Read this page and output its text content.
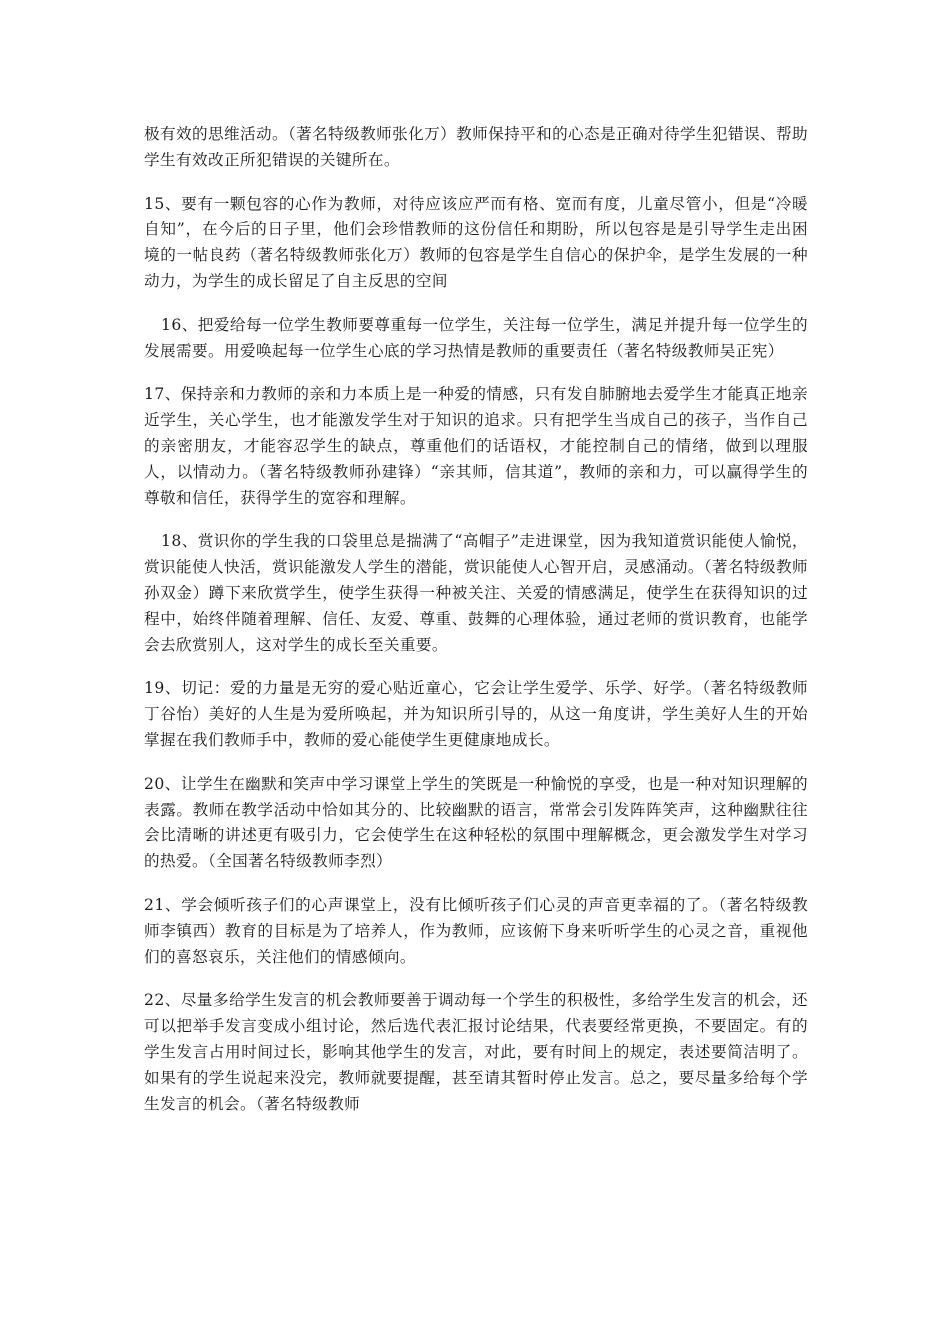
极有效的思维活动。（著名特级教师张化万）教师保持平和的心态是正确对待学生犯错误、帮助学生有效改正所犯错误的关键所在。

15、要有一颗包容的心作为教师，对待应该应严而有格、宽而有度，儿童尽管小，但是“冷暖自知”，在今后的日子里，他们会珍惜教师的这份信任和期盼，所以包容是是引导学生走出困境的一帖良药（著名特级教师张化万）教师的包容是学生自信心的保护伞，是学生发展的一种动力，为学生的成长留足了自主反思的空间

16、把爱给每一位学生教师要尊重每一位学生，关注每一位学生，满足并提升每一位学生的发展需要。用爱唤起每一位学生心底的学习热情是教师的重要责任（著名特级教师吴正宪）

17、保持亲和力教师的亲和力本质上是一种爱的情感，只有发自肺腑地去爱学生才能真正地亲近学生，关心学生，也才能激发学生对于知识的追求。只有把学生当成自己的孩子，当作自己的亲密朋友，才能容忍学生的缺点，尊重他们的话语权，才能控制自己的情绪，做到以理服人，以情动力。（著名特级教师孙建锋）“亲其师，信其道”，教师的亲和力，可以赢得学生的尊敬和信任，获得学生的宽容和理解。

18、赏识你的学生我的口袋里总是揣满了“高帽子”走进课堂，因为我知道赏识能使人愉悦，赏识能使人快活，赏识能激发人学生的潜能，赏识能使人心智开启，灵感涌动。（著名特级教师孙双金）蹲下来欣赏学生，使学生获得一种被关注、关爱的情感满足，使学生在获得知识的过程中，始终伴随着理解、信任、友爱、尊重、鼓舞的心理体验，通过老师的赏识教育，也能学会去欣赏别人，这对学生的成长至关重要。

19、切记：爱的力量是无穷的爱心贴近童心，它会让学生爱学、乐学、好学。（著名特级教师丁谷怡）美好的人生是为爱所唤起，并为知识所引导的，从这一角度讲，学生美好人生的开始掌握在我们教师手中，教师的爱心能使学生更健康地成长。

20、让学生在幽默和笑声中学习课堂上学生的笑既是一种愉悦的享受，也是一种对知识理解的表露。教师在教学活动中恰如其分的、比较幽默的语言，常常会引发阵阵笑声，这种幽默往往会比清晰的讲述更有吸引力，它会使学生在这种轻松的氛围中理解概念，更会激发学生对学习的热爱。（全国著名特级教师李烈）

21、学会倾听孩子们的心声课堂上，没有比倾听孩子们心灵的声音更幸福的了。（著名特级教师李镇西）教育的目标是为了培养人，作为教师，应该俯下身来听听学生的心灵之音，重视他们的喜怒哀乐，关注他们的情感倾向。

22、尽量多给学生发言的机会教师要善于调动每一个学生的积极性，多给学生发言的机会，还可以把举手发言变成小组讨论，然后选代表汇报讨论结果，代表要经常更换，不要固定。有的学生发言占用时间过长，影响其他学生的发言，对此，要有时间上的规定，表述要简洁明了。如果有的学生说起来没完，教师就要提醒，甚至请其暂时停止发言。总之，要尽量多给每个学生发言的机会。（著名特级教师
